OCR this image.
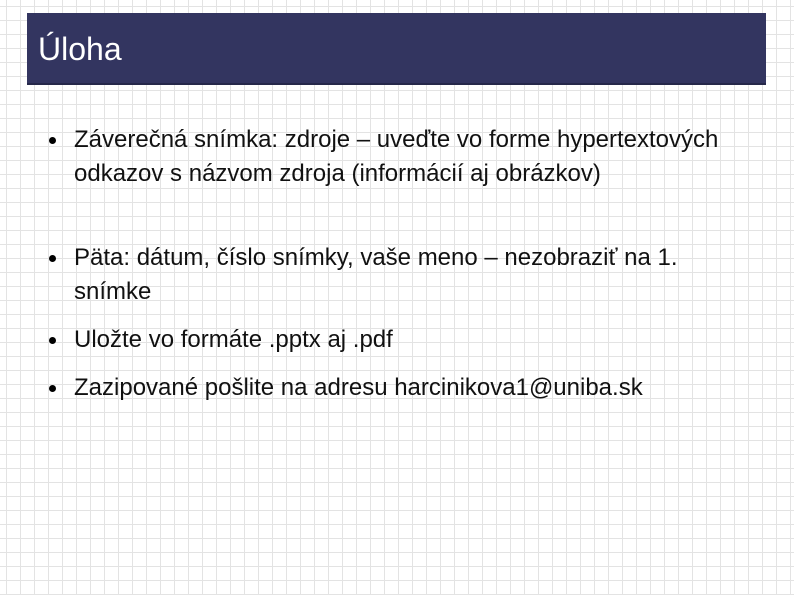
Úloha
Záverečná snímka: zdroje – uveďte vo forme hypertextových odkazov s názvom zdroja (informácií aj obrázkov)
Päta: dátum, číslo snímky, vaše meno – nezobraziť na 1. snímke
Uložte vo formáte .pptx aj .pdf
Zazipované pošlite na adresu harcinikova1@uniba.sk
